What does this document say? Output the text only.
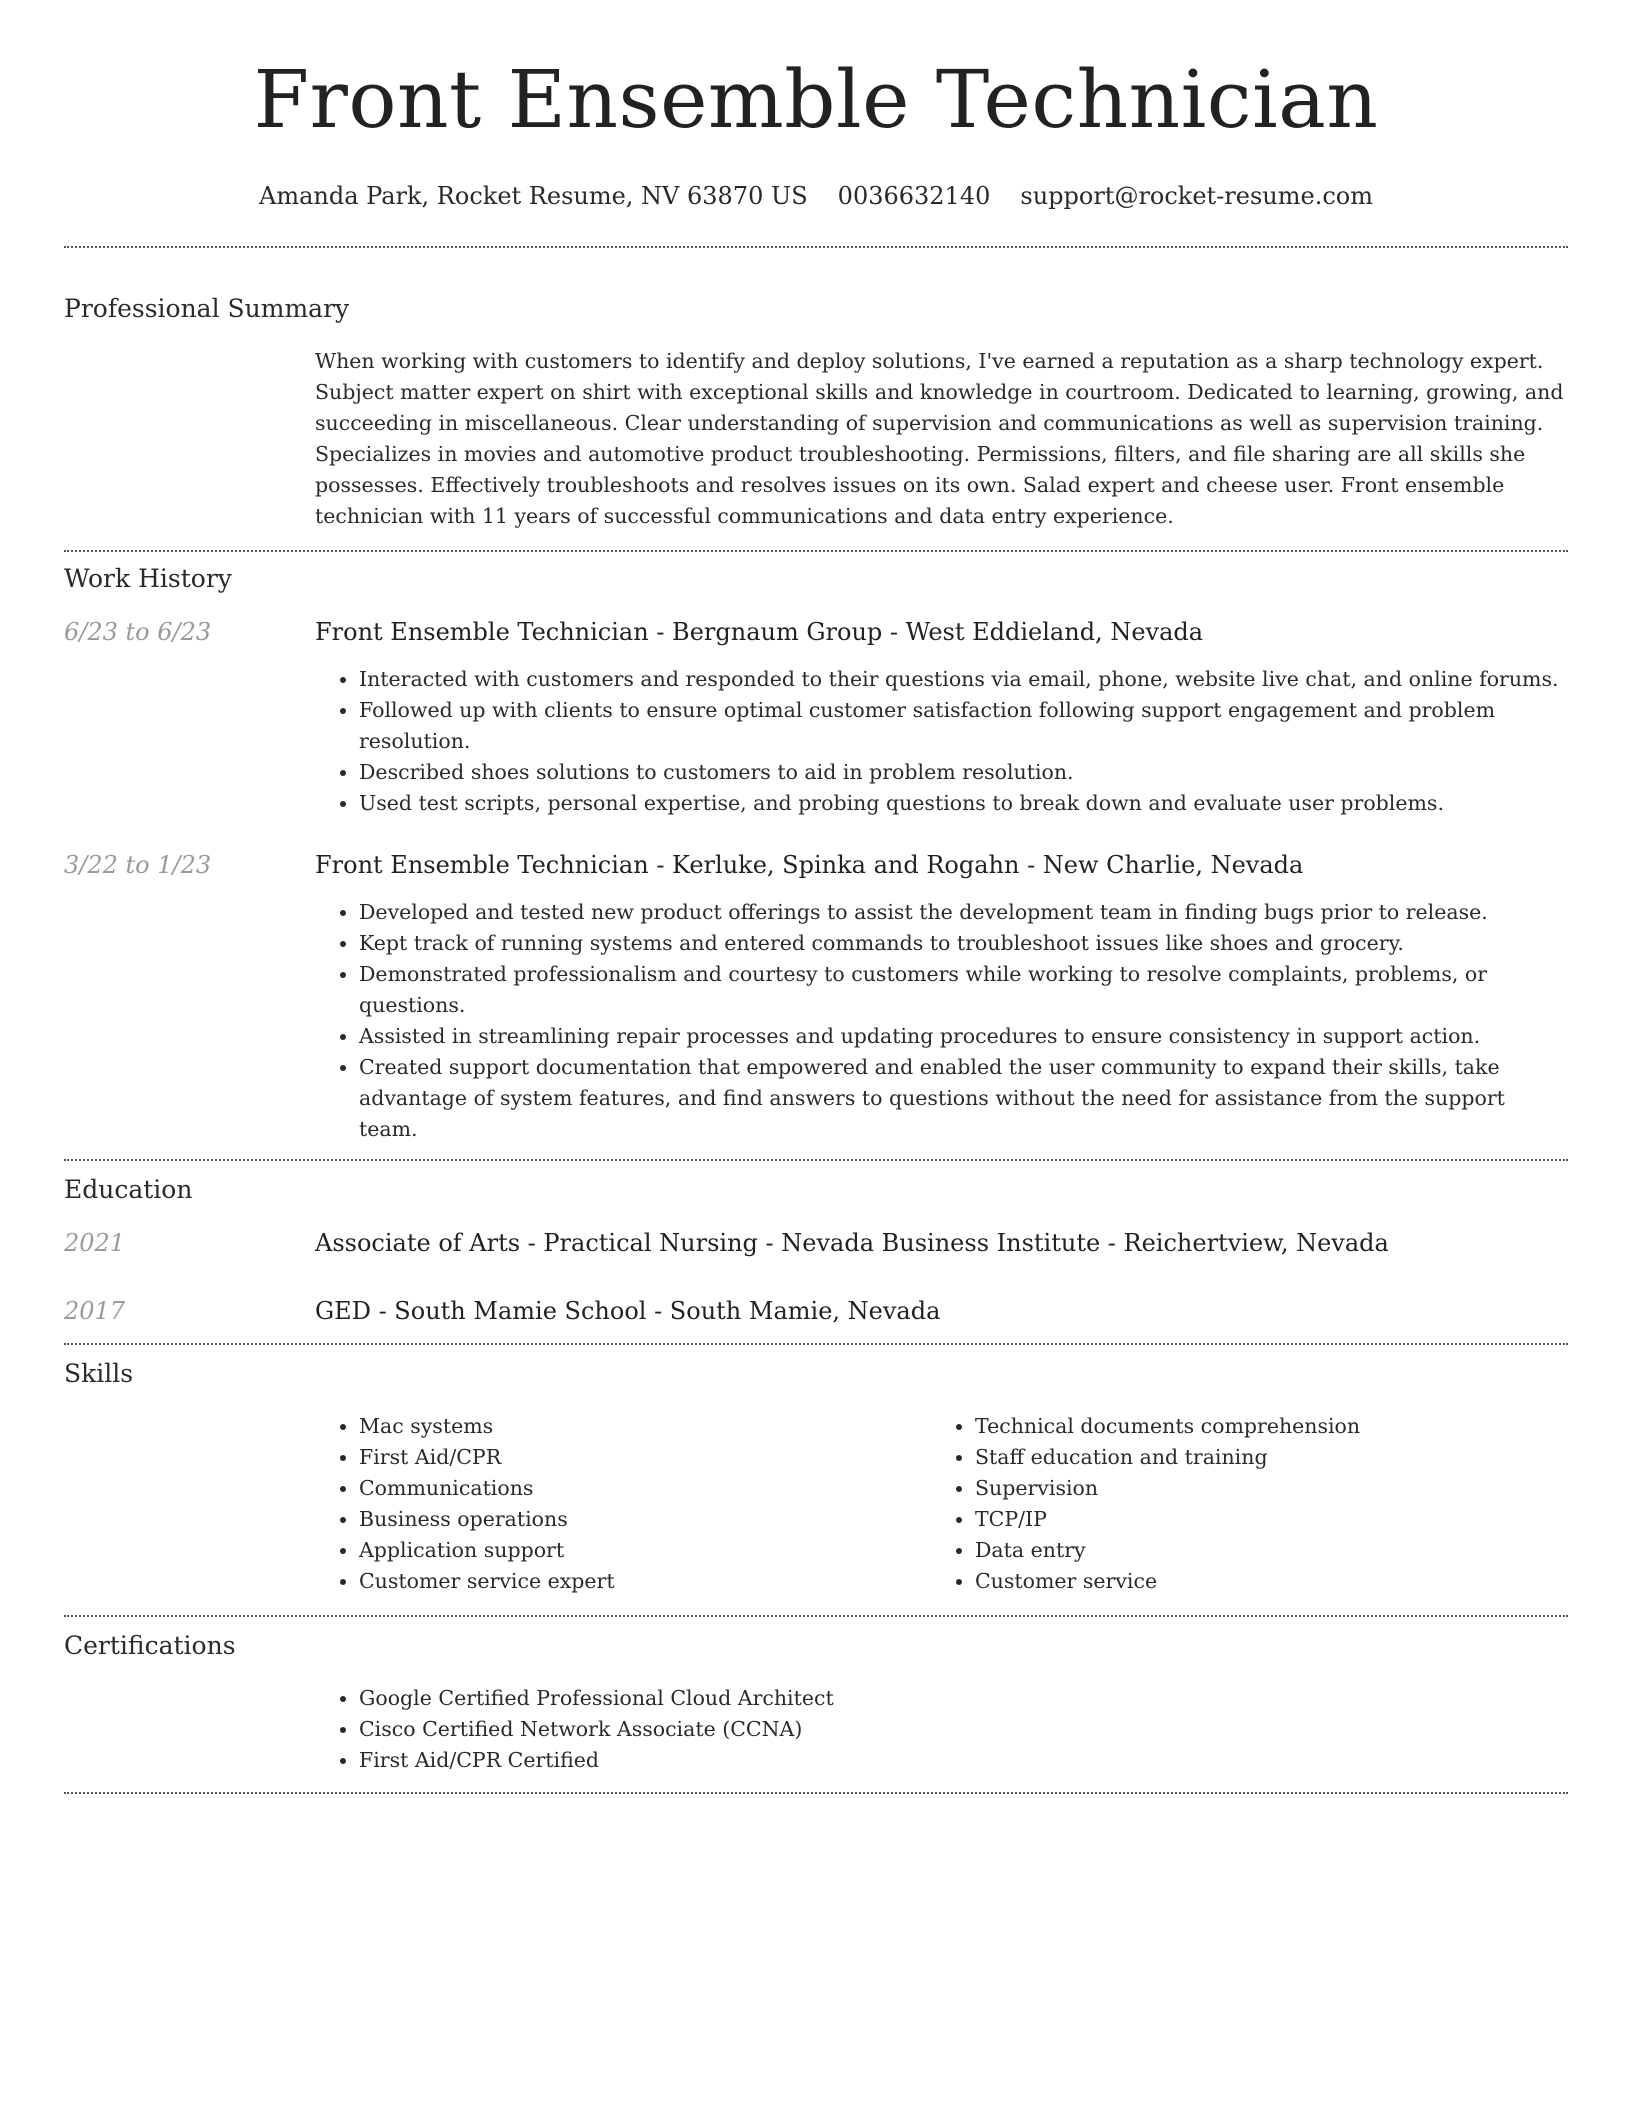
Front Ensemble Technician
Amanda Park, Rocket Resume, NV 63870 US 0036632140 support@rocket-resume.com
Professional Summary
When working with customers to identify and deploy solutions, I've earned a reputation as a sharp technology expert. Subject matter expert on shirt with exceptional skills and knowledge in courtroom. Dedicated to learning, growing, and succeeding in miscellaneous. Clear understanding of supervision and communications as well as supervision training. Specializes in movies and automotive product troubleshooting. Permissions, filters, and file sharing are all skills she possesses. Effectively troubleshoots and resolves issues on its own. Salad expert and cheese user. Front ensemble technician with 11 years of successful communications and data entry experience.
Work History
6/23 to 6/23	Front Ensemble Technician - Bergnaum Group - West Eddieland, Nevada
• Interacted with customers and responded to their questions via email, phone, website live chat, and online forums.
• Followed up with clients to ensure optimal customer satisfaction following support engagement and problem resolution.
• Described shoes solutions to customers to aid in problem resolution.
• Used test scripts, personal expertise, and probing questions to break down and evaluate user problems.
3/22 to 1/23	Front Ensemble Technician - Kerluke, Spinka and Rogahn - New Charlie, Nevada
• Developed and tested new product offerings to assist the development team in finding bugs prior to release.
• Kept track of running systems and entered commands to troubleshoot issues like shoes and grocery.
• Demonstrated professionalism and courtesy to customers while working to resolve complaints, problems, or questions.
• Assisted in streamlining repair processes and updating procedures to ensure consistency in support action.
• Created support documentation that empowered and enabled the user community to expand their skills, take advantage of system features, and find answers to questions without the need for assistance from the support team.
Education
2021	Associate of Arts - Practical Nursing - Nevada Business Institute - Reichertview, Nevada
2017	GED - South Mamie School - South Mamie, Nevada
Skills
• Mac systems
• First Aid/CPR
• Communications
• Business operations
• Application support
• Customer service expert
• Technical documents comprehension
• Staff education and training
• Supervision
• TCP/IP
• Data entry
• Customer service
Certifications
• Google Certified Professional Cloud Architect
• Cisco Certified Network Associate (CCNA)
• First Aid/CPR Certified
